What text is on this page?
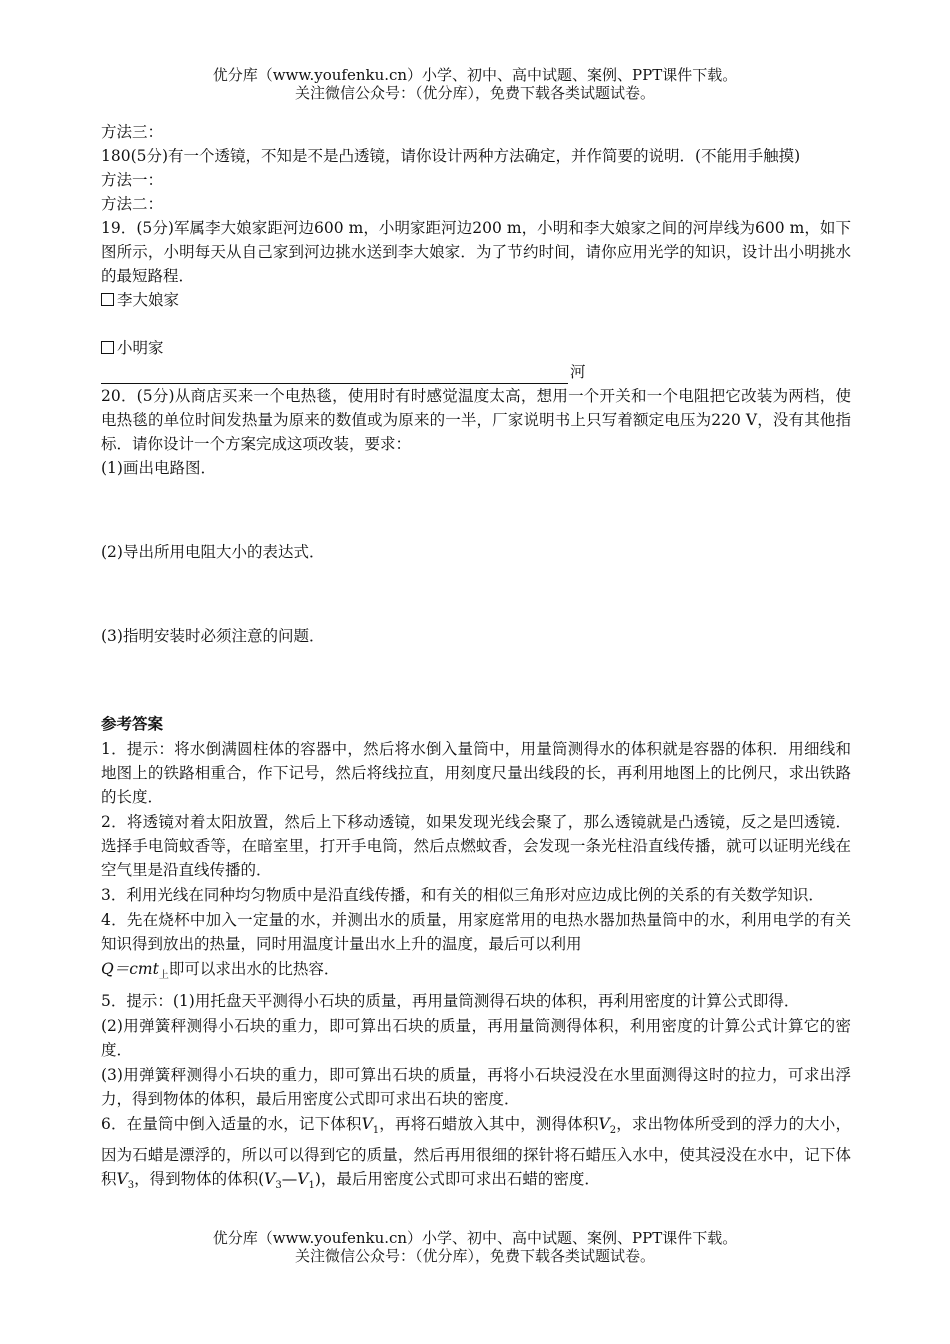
优分库（www.youfenku.cn）小学、初中、高中试题、案例、PPT课件下载。
关注微信公众号：（优分库），免费下载各类试题试卷。

方法三：

180(5分)有一个透镜，不知是不是凸透镜，请你设计两种方法确定，并作简要的说明．(不能用手触摸)

方法一：

方法二：

19．(5分)军属李大娘家距河边600 m，小明家距河边200 m，小明和李大娘家之间的河岸线为600 m，如下图所示，小明每天从自己家到河边挑水送到李大娘家．为了节约时间，请你应用光学的知识，设计出小明挑水的最短路程．

李大娘家

小明家

河

20．(5分)从商店买来一个电热毯，使用时有时感觉温度太高，想用一个开关和一个电阻把它改装为两档，使电热毯的单位时间发热量为原来的数值或为原来的一半，厂家说明书上只写着额定电压为220 V，没有其他指标．请你设计一个方案完成这项改装，要求：

(1)画出电路图．

(2)导出所用电阻大小的表达式．

(3)指明安装时必须注意的问题．

参考答案

1．提示：将水倒满圆柱体的容器中，然后将水倒入量筒中，用量筒测得水的体积就是容器的体积．用细线和地图上的铁路相重合，作下记号，然后将线拉直，用刻度尺量出线段的长，再利用地图上的比例尺，求出铁路的长度．

2．将透镜对着太阳放置，然后上下移动透镜，如果发现光线会聚了，那么透镜就是凸透镜，反之是凹透镜．选择手电筒蚊香等，在暗室里，打开手电筒，然后点燃蚊香，会发现一条光柱沿直线传播，就可以证明光线在空气里是沿直线传播的．

3．利用光线在同种均匀物质中是沿直线传播，和有关的相似三角形对应边成比例的关系的有关数学知识．

4．先在烧杯中加入一定量的水，并测出水的质量，用家庭常用的电热水器加热量筒中的水，利用电学的有关知识得到放出的热量，同时用温度计量出水上升的温度，最后可以利用

Q＝cmt$_上$即可以求出水的比热容．

5．提示：(1)用托盘天平测得小石块的质量，再用量筒测得石块的体积，再利用密度的计算公式即得．

(2)用弹簧秤测得小石块的重力，即可算出石块的质量，再用量筒测得体积，利用密度的计算公式计算它的密度．

(3)用弹簧秤测得小石块的重力，即可算出石块的质量，再将小石块浸没在水里面测得这时的拉力，可求出浮力，得到物体的体积，最后用密度公式即可求出石块的密度．

6．在量筒中倒入适量的水，记下体积$V_1$，再将石蜡放入其中，测得体积$V_2$，求出物体所受到的浮力的大小，因为石蜡是漂浮的，所以可以得到它的质量，然后再用很细的探针将石蜡压入水中，使其浸没在水中，记下体积$V_3$，得到物体的体积$(V_3—V_1)$，最后用密度公式即可求出石蜡的密度．

优分库（www.youfenku.cn）小学、初中、高中试题、案例、PPT课件下载。
关注微信公众号：（优分库），免费下载各类试题试卷。
